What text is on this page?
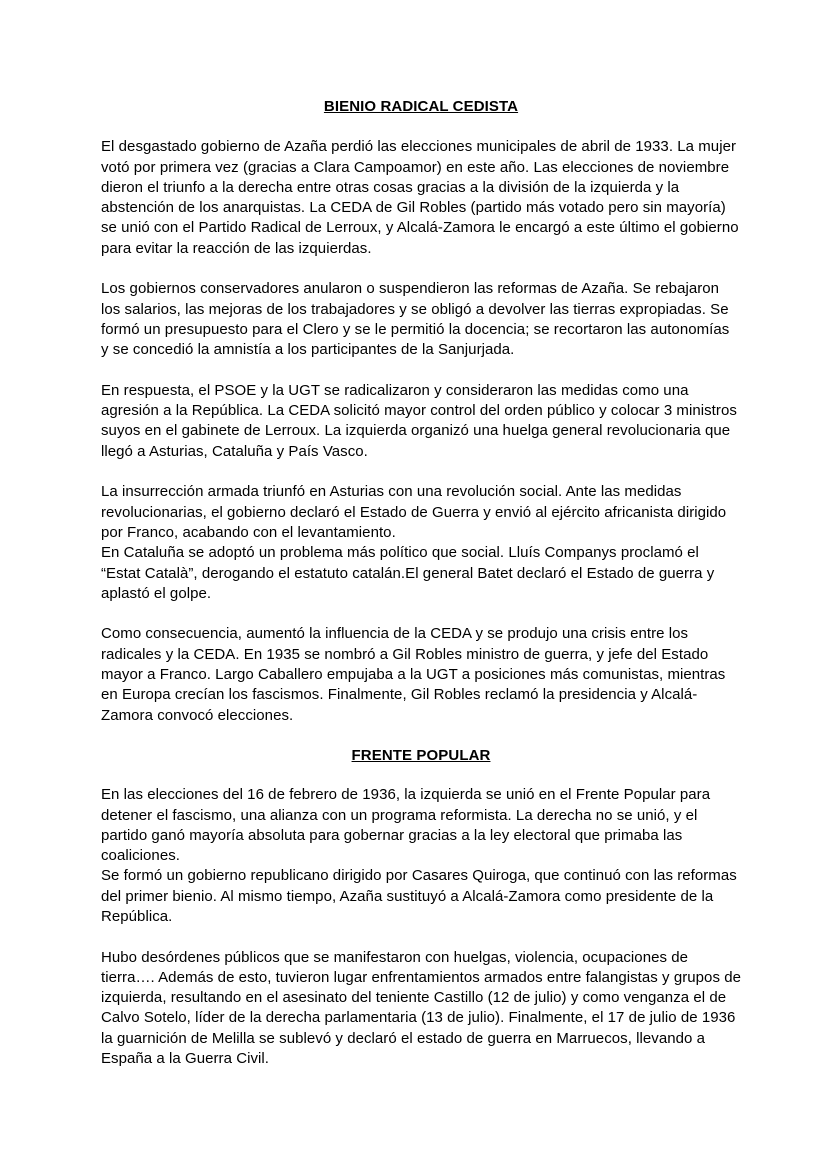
BIENIO RADICAL CEDISTA

El desgastado gobierno de Azaña perdió las elecciones municipales de abril de 1933. La mujer votó por primera vez (gracias a Clara Campoamor) en este año. Las elecciones de noviembre dieron el triunfo a la derecha entre otras cosas gracias a la división de la izquierda y la abstención de los anarquistas. La CEDA de Gil Robles (partido más votado pero sin mayoría) se unió con el Partido Radical de Lerroux, y Alcalá-Zamora le encargó a este último el gobierno para evitar la reacción de las izquierdas.

Los gobiernos conservadores anularon o suspendieron las reformas de Azaña. Se rebajaron los salarios, las mejoras de los trabajadores y se obligó a devolver las tierras expropiadas. Se formó un presupuesto para el Clero y se le permitió la docencia; se recortaron las autonomías y se concedió la amnistía a los participantes de la Sanjurjada.

En respuesta, el PSOE y la UGT se radicalizaron y consideraron las medidas como una agresión a la República. La CEDA solicitó mayor control del orden público y colocar 3 ministros suyos en el gabinete de Lerroux. La izquierda organizó una huelga general revolucionaria que llegó a Asturias, Cataluña y País Vasco.

La insurrección armada triunfó en Asturias con una revolución social. Ante las medidas revolucionarias, el gobierno declaró el Estado de Guerra y envió al ejército africanista dirigido por Franco, acabando con el levantamiento.

En Cataluña se adoptó un problema más político que social. Lluís Companys proclamó el “Estat Català”, derogando el estatuto catalán.El general Batet declaró el Estado de guerra y aplastó el golpe.

Como consecuencia, aumentó la influencia de la CEDA y se produjo una crisis entre los radicales y la CEDA. En 1935 se nombró a Gil Robles ministro de guerra, y jefe del Estado mayor a Franco. Largo Caballero empujaba a la UGT a posiciones más comunistas, mientras en Europa crecían los fascismos. Finalmente, Gil Robles reclamó la presidencia y Alcalá-Zamora convocó elecciones.

FRENTE POPULAR

En las elecciones del 16 de febrero de 1936, la izquierda se unió en el Frente Popular para detener el fascismo, una alianza con un programa reformista. La derecha no se unió, y el partido ganó mayoría absoluta para gobernar gracias a la ley electoral que primaba las coaliciones.

Se formó un gobierno republicano dirigido por Casares Quiroga, que continuó con las reformas del primer bienio. Al mismo tiempo, Azaña sustituyó a Alcalá-Zamora como presidente de la República.

Hubo desórdenes públicos que se manifestaron con huelgas, violencia, ocupaciones de tierra…. Además de esto, tuvieron lugar enfrentamientos armados entre falangistas y grupos de izquierda, resultando en el asesinato del teniente Castillo (12 de julio) y como venganza el de Calvo Sotelo, líder de la derecha parlamentaria (13 de julio). Finalmente, el 17 de julio de 1936 la guarnición de Melilla se sublevó y declaró el estado de guerra en Marruecos, llevando a España a la Guerra Civil.
